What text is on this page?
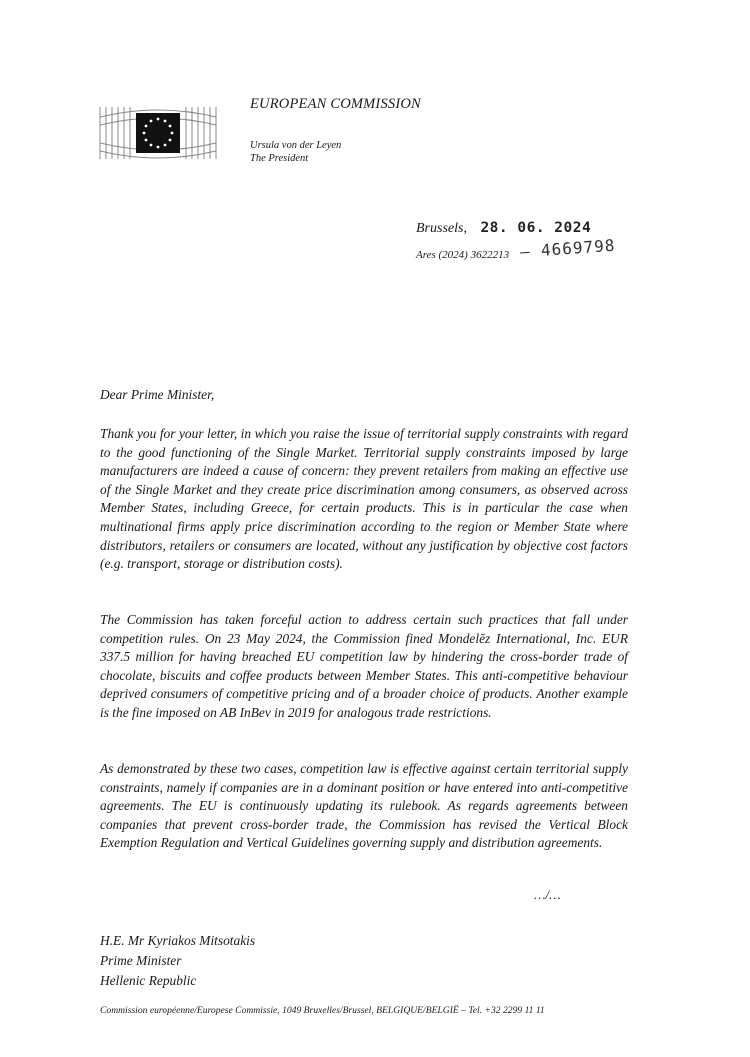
EUROPEAN COMMISSION
Ursula von der Leyen
The President
Brussels, 28. 06. 2024
Ares (2024) 3622213 – 4669798
Dear Prime Minister,

Thank you for your letter, in which you raise the issue of territorial supply constraints with regard to the good functioning of the Single Market. Territorial supply constraints imposed by large manufacturers are indeed a cause of concern: they prevent retailers from making an effective use of the Single Market and they create price discrimination among consumers, as observed across Member States, including Greece, for certain products. This is in particular the case when multinational firms apply price discrimination according to the region or Member State where distributors, retailers or consumers are located, without any justification by objective cost factors (e.g. transport, storage or distribution costs).

The Commission has taken forceful action to address certain such practices that fall under competition rules. On 23 May 2024, the Commission fined Mondelēz International, Inc. EUR 337.5 million for having breached EU competition law by hindering the cross-border trade of chocolate, biscuits and coffee products between Member States. This anti-competitive behaviour deprived consumers of competitive pricing and of a broader choice of products. Another example is the fine imposed on AB InBev in 2019 for analogous trade restrictions.

As demonstrated by these two cases, competition law is effective against certain territorial supply constraints, namely if companies are in a dominant position or have entered into anti-competitive agreements. The EU is continuously updating its rulebook. As regards agreements between companies that prevent cross-border trade, the Commission has revised the Vertical Block Exemption Regulation and Vertical Guidelines governing supply and distribution agreements.

…/…
H.E. Mr Kyriakos Mitsotakis
Prime Minister
Hellenic Republic
Commission européenne/Europese Commissie, 1049 Bruxelles/Brussel, BELGIQUE/BELGIË – Tel. +32 2299 11 11
